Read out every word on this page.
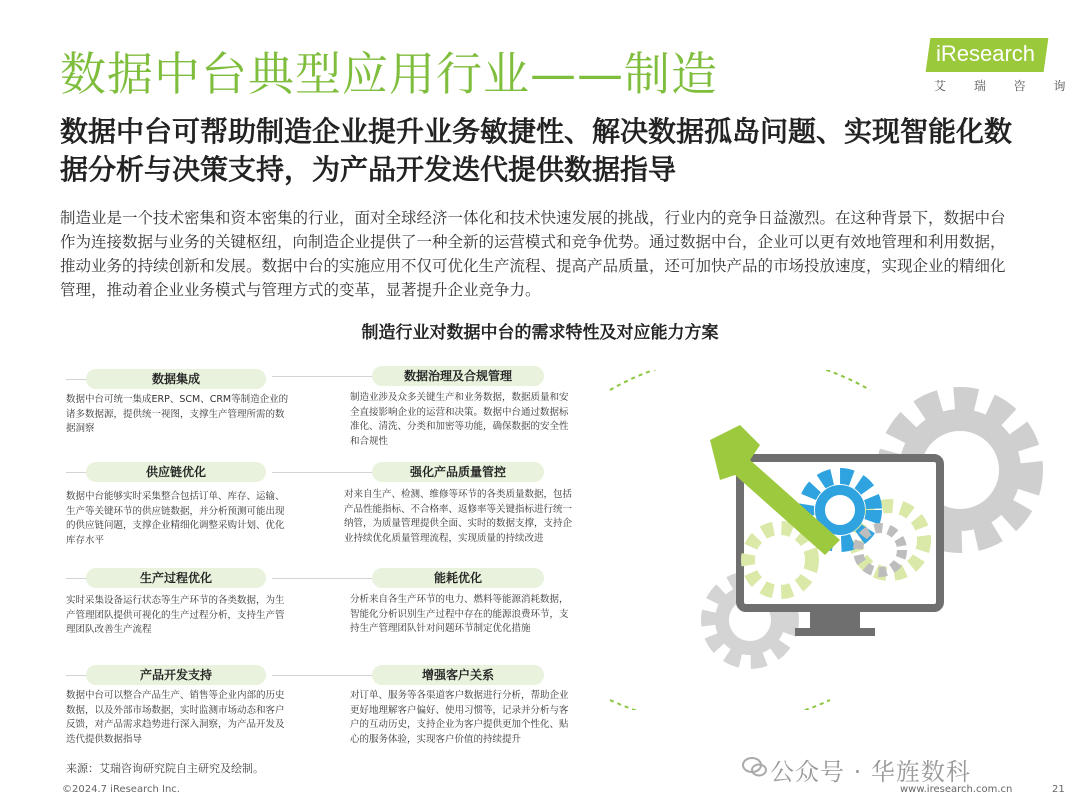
数据中台典型应用行业——制造	iResearch
艾 瑞 咨 询
数据中台可帮助制造企业提升业务敏捷性、解决数据孤岛问题、实现智能化数据分析与决策支持，为产品开发迭代提供数据指导
制造业是一个技术密集和资本密集的行业，面对全球经济一体化和技术快速发展的挑战，行业内的竞争日益激烈。在这种背景下，数据中台作为连接数据与业务的关键枢纽，向制造企业提供了一种全新的运营模式和竞争优势。通过数据中台，企业可以更有效地管理和利用数据，推动业务的持续创新和发展。数据中台的实施应用不仅可优化生产流程、提高产品质量，还可加快产品的市场投放速度，实现企业的精细化管理，推动着企业业务模式与管理方式的变革，显著提升企业竞争力。
制造行业对数据中台的需求特性及对应能力方案
数据集成
数据中台可统一集成ERP、SCM、CRM等制造企业的诸多数据源，提供统一视图，支撑生产管理所需的数据洞察
供应链优化
数据中台能够实时采集整合包括订单、库存、运输、生产等关键环节的供应链数据，并分析预测可能出现的供应链问题，支撑企业精细化调整采购计划、优化库存水平
生产过程优化
实时采集设备运行状态等生产环节的各类数据，为生产管理团队提供可视化的生产过程分析，支持生产管理团队改善生产流程
产品开发支持
数据中台可以整合产品生产、销售等企业内部的历史数据，以及外部市场数据，实时监测市场动态和客户反馈，对产品需求趋势进行深入洞察，为产品开发及迭代提供数据指导
数据治理及合规管理
制造业涉及众多关键生产和业务数据，数据质量和安全直接影响企业的运营和决策。数据中台通过数据标准化、清洗、分类和加密等功能，确保数据的安全性和合规性
强化产品质量管控
对来自生产、检测、维修等环节的各类质量数据，包括产品性能指标、不合格率、返修率等关键指标进行统一纳管，为质量管理提供全面、实时的数据支撑，支持企业持续优化质量管理流程，实现质量的持续改进
能耗优化
分析来自各生产环节的电力、燃料等能源消耗数据，智能化分析识别生产过程中存在的能源浪费环节，支持生产管理团队针对问题环节制定优化措施
增强客户关系
对订单、服务等各渠道客户数据进行分析，帮助企业更好地理解客户偏好、使用习惯等，记录并分析与客户的互动历史，支持企业为客户提供更加个性化、贴心的服务体验，实现客户价值的持续提升
来源：艾瑞咨询研究院自主研究及绘制。
©2024.7 iResearch Inc.	www.iresearch.com.cn	21
公众号 · 华旌数科
